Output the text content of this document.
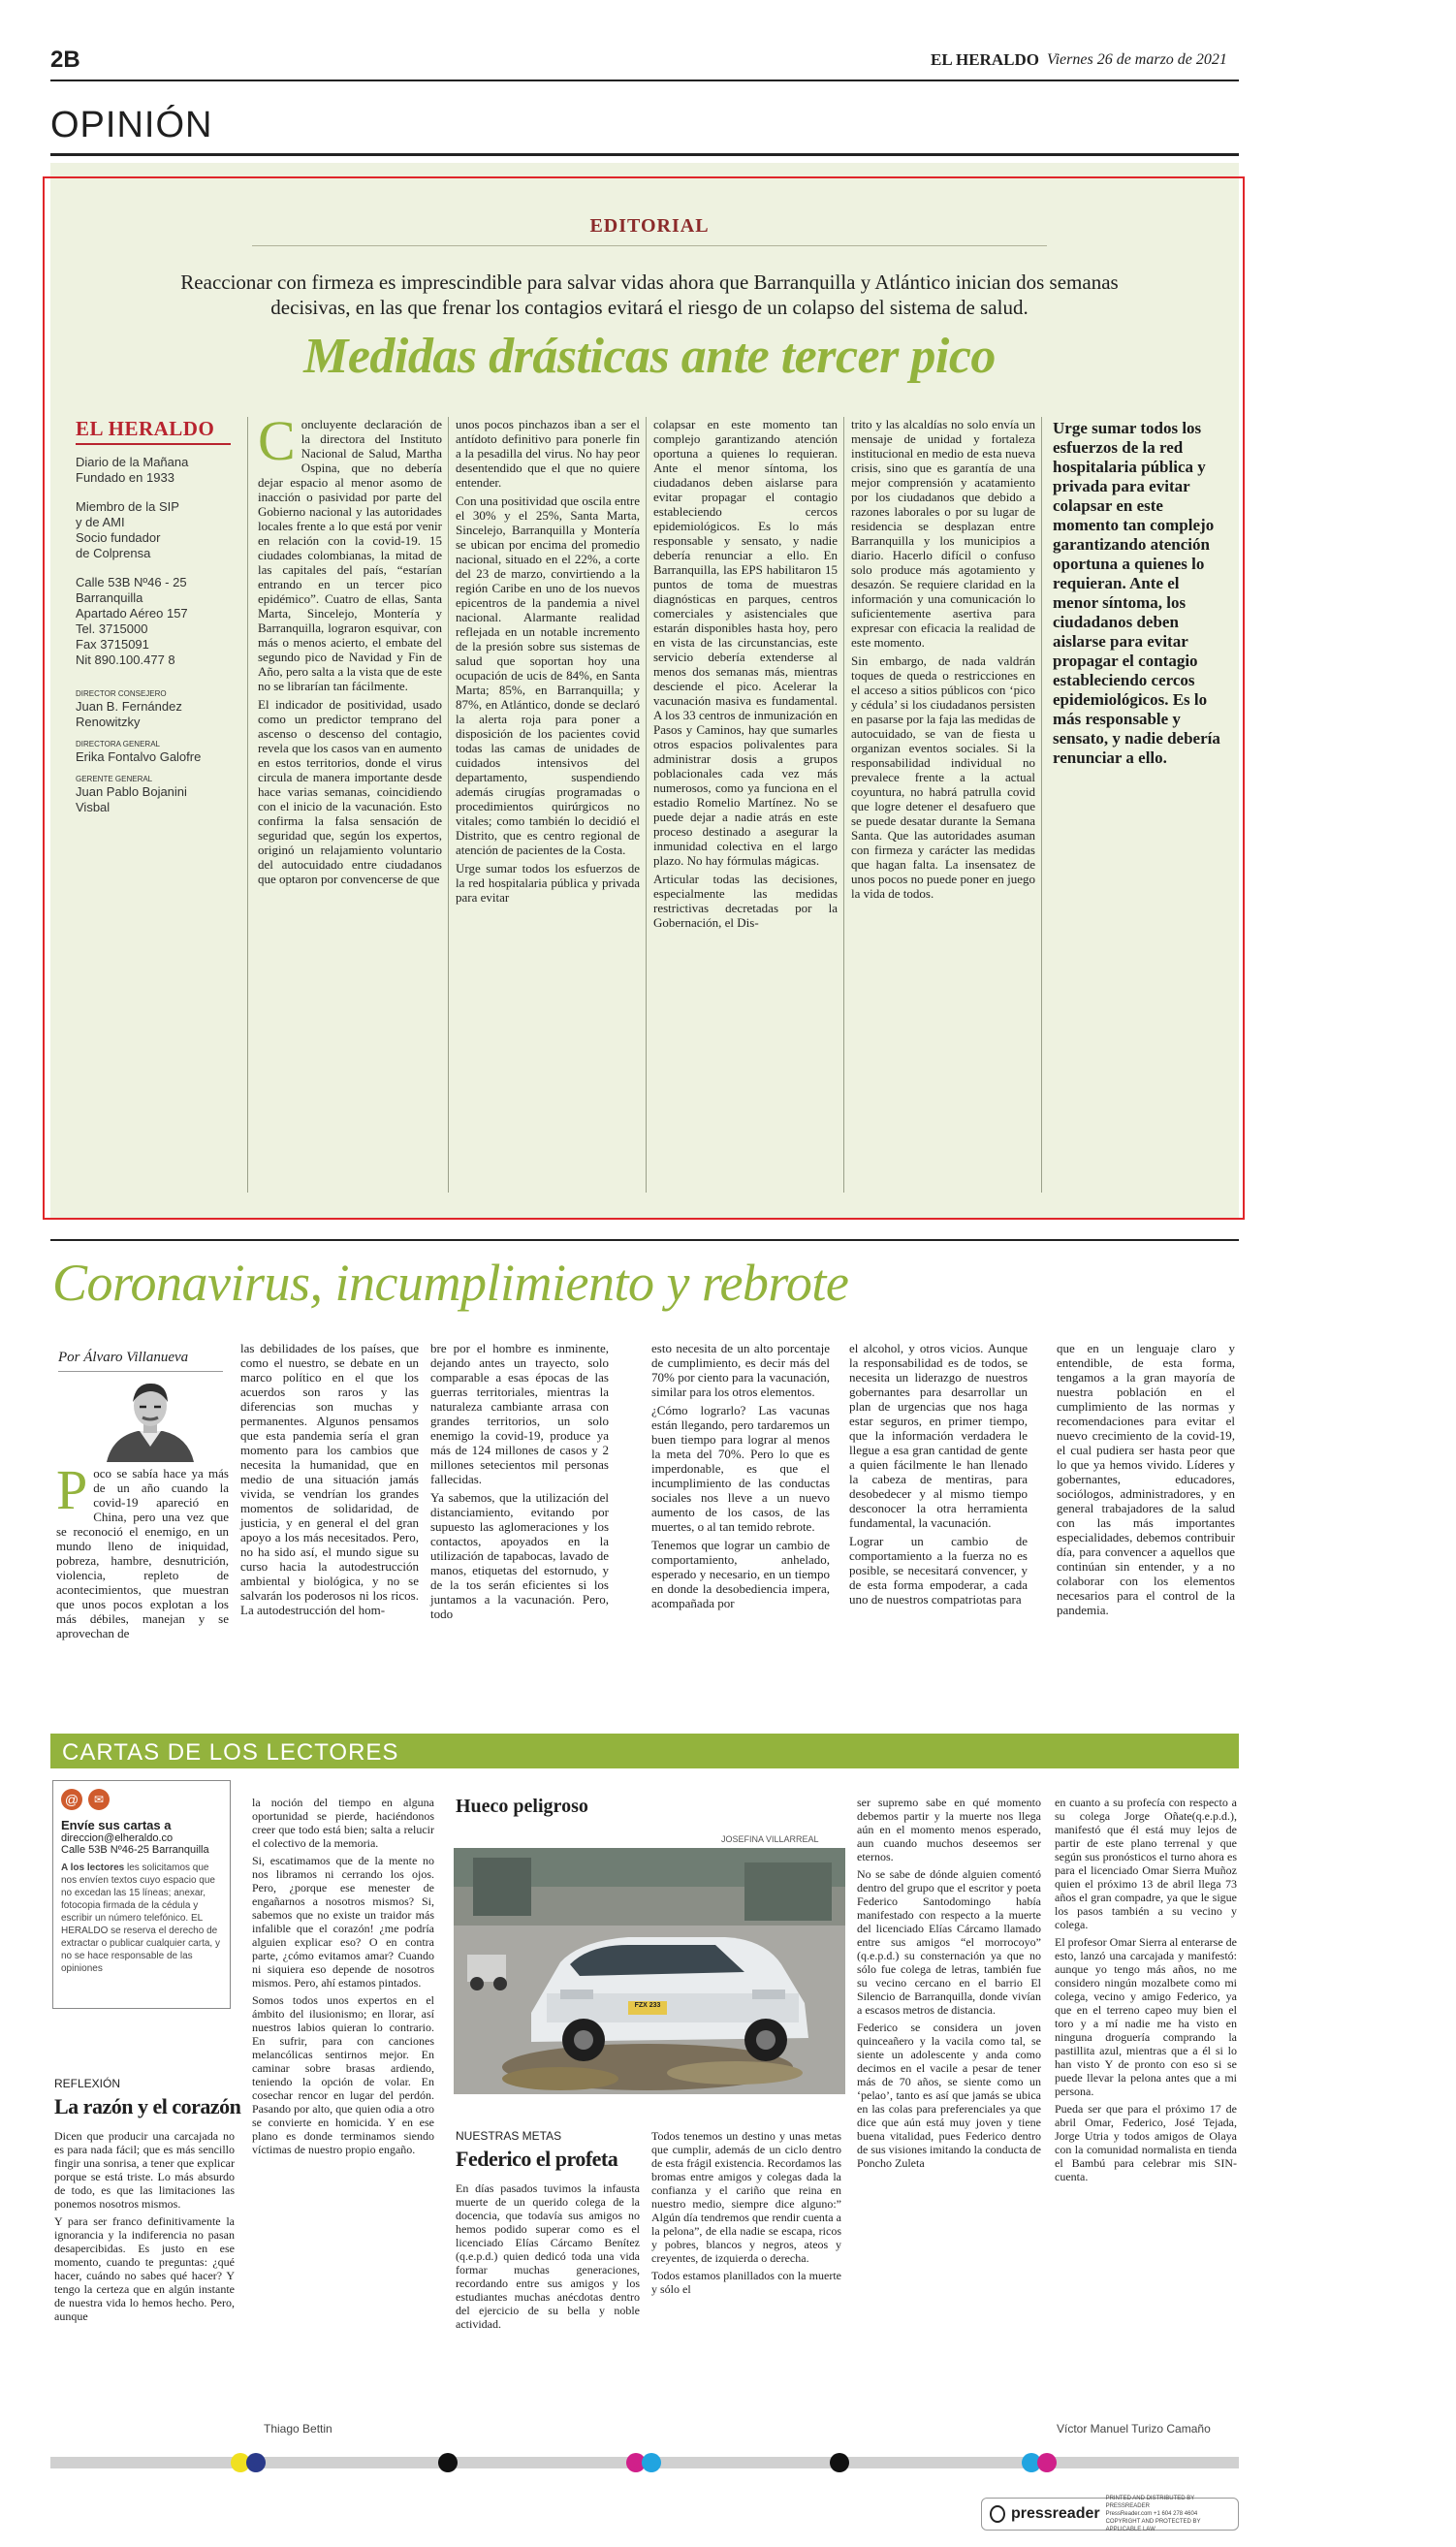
2B	EL HERALDO Viernes 26 de marzo de 2021
OPINIÓN
EDITORIAL
Reaccionar con firmeza es imprescindible para salvar vidas ahora que Barranquilla y Atlántico inician dos semanas decisivas, en las que frenar los contagios evitará el riesgo de un colapso del sistema de salud.
Medidas drásticas ante tercer pico
EL HERALDO
Diario de la Mañana
Fundado en 1933
Miembro de la SIP
y de AMI
Socio fundador
de Colprensa
Calle 53B Nº46 - 25
Barranquilla
Apartado Aéreo 157
Tel. 3715000
Fax 3715091
Nit 890.100.477 8
DIRECTOR CONSEJERO
Juan B. Fernández
Renowitzky
DIRECTORA GENERAL
Erika Fontalvo Galofre
GERENTE GENERAL
Juan Pablo Bojanini
Visbal

Concluyente declaración de la directora del Instituto Nacional de Salud, Martha Ospina, que no debería dejar espacio al menor asomo de inacción o pasividad por parte del Gobierno nacional y las autoridades locales frente a lo que está por venir en relación con la covid-19. 15 ciudades colombianas, la mitad de las capitales del país, “estarían entrando en un tercer pico epidémico”. Cuatro de ellas, Santa Marta, Sincelejo, Montería y Barranquilla, lograron esquivar, con más o menos acierto, el embate del segundo pico de Navidad y Fin de Año, pero salta a la vista que de este no se librarían tan fácilmente.

El indicador de positividad, usado como un predictor temprano del ascenso o descenso del contagio, revela que los casos van en aumento en estos territorios, donde el virus circula de manera importante desde hace varias semanas, coincidiendo con el inicio de la vacunación. Esto confirma la falsa sensación de seguridad que, según los expertos, originó un relajamiento voluntario del autocuidado entre ciudadanos que optaron por convencerse de que

unos pocos pinchazos iban a ser el antídoto definitivo para ponerle fin a la pesadilla del virus. No hay peor desentendido que el que no quiere entender.

Con una positividad que oscila entre el 30% y el 25%, Santa Marta, Sincelejo, Barranquilla y Montería se ubican por encima del promedio nacional, situado en el 22%, a corte del 23 de marzo, convirtiendo a la región Caribe en uno de los nuevos epicentros de la pandemia a nivel nacional. Alarmante realidad reflejada en un notable incremento de la presión sobre sus sistemas de salud que soportan hoy una ocupación de ucis de 84%, en Santa Marta; 85%, en Barranquilla; y 87%, en Atlántico, donde se declaró la alerta roja para poner a disposición de los pacientes covid todas las camas de unidades de cuidados intensivos del departamento, suspendiendo además cirugías programadas o procedimientos quirúrgicos no vitales; como también lo decidió el Distrito, que es centro regional de atención de pacientes de la Costa.

Urge sumar todos los esfuerzos de la red hospitalaria pública y privada para evitar

colapsar en este momento tan complejo garantizando atención oportuna a quienes lo requieran. Ante el menor síntoma, los ciudadanos deben aislarse para evitar propagar el contagio estableciendo cercos epidemiológicos. Es lo más responsable y sensato, y nadie debería renunciar a ello. En Barranquilla, las EPS habilitaron 15 puntos de toma de muestras diagnósticas en parques, centros comerciales y asistenciales que estarán disponibles hasta hoy, pero en vista de las circunstancias, este servicio debería extenderse al menos dos semanas más, mientras desciende el pico. Acelerar la vacunación masiva es fundamental. A los 33 centros de inmunización en Pasos y Caminos, hay que sumarles otros espacios polivalentes para administrar dosis a grupos poblacionales cada vez más numerosos, como ya funciona en el estadio Romelio Martínez. No se puede dejar a nadie atrás en este proceso destinado a asegurar la inmunidad colectiva en el largo plazo. No hay fórmulas mágicas.

Articular todas las decisiones, especialmente las medidas restrictivas decretadas por la Gobernación, el Dis-

trito y las alcaldías no solo envía un mensaje de unidad y fortaleza institucional en medio de esta nueva crisis, sino que es garantía de una mejor comprensión y acatamiento por los ciudadanos que debido a razones laborales o por su lugar de residencia se desplazan entre Barranquilla y los municipios a diario. Hacerlo difícil o confuso solo produce más agotamiento y desazón. Se requiere claridad en la información y una comunicación lo suficientemente asertiva para expresar con eficacia la realidad de este momento.

Sin embargo, de nada valdrán toques de queda o restricciones en el acceso a sitios públicos con ‘pico y cédula’ si los ciudadanos persisten en pasarse por la faja las medidas de autocuidado, se van de fiesta u organizan eventos sociales. Si la responsabilidad individual no prevalece frente a la actual coyuntura, no habrá patrulla covid que logre detener el desafuero que se puede desatar durante la Semana Santa. Que las autoridades asuman con firmeza y carácter las medidas que hagan falta. La insensatez de unos pocos no puede poner en juego la vida de todos.

Urge sumar todos los esfuerzos de la red hospitalaria pública y privada para evitar colapsar en este momento tan complejo garantizando atención oportuna a quienes lo requieran. Ante el menor síntoma, los ciudadanos deben aislarse para evitar propagar el contagio estableciendo cercos epidemiológicos. Es lo más responsable y sensato, y nadie debería renunciar a ello.
Coronavirus, incumplimiento y rebrote
Por Álvaro Villanueva

Poco se sabía hace ya más de un año cuando la covid-19 apareció en China, pero una vez que se reconoció el enemigo, en un mundo lleno de iniquidad, pobreza, hambre, desnutrición, violencia, repleto de acontecimientos, que muestran que unos pocos explotan a los más débiles, manejan y se aprovechan de

las debilidades de los países, que como el nuestro, se debate en un marco político en el que los acuerdos son raros y las diferencias son muchas y permanentes. Algunos pensamos que esta pandemia sería el gran momento para los cambios que necesita la humanidad, que en medio de una situación jamás vivida, se vendrían los grandes momentos de solidaridad, de justicia, y en general el del gran apoyo a los más necesitados. Pero, no ha sido así, el mundo sigue su curso hacia la autodestrucción ambiental y biológica, y no se salvarán los poderosos ni los ricos. La autodestrucción del hom-

bre por el hombre es inminente, dejando antes un trayecto, solo comparable a esas épocas de las guerras territoriales, mientras la naturaleza cambiante arrasa con grandes territorios, un solo enemigo la covid-19, produce ya más de 124 millones de casos y 2 millones setecientos mil personas fallecidas.

Ya sabemos, que la utilización del distanciamiento, evitando por supuesto las aglomeraciones y los contactos, apoyados en la utilización de tapabocas, lavado de manos, etiquetas del estornudo, y de la tos serán eficientes si los juntamos a la vacunación. Pero, todo

esto necesita de un alto porcentaje de cumplimiento, es decir más del 70% por ciento para la vacunación, similar para los otros elementos.

¿Cómo lograrlo? Las vacunas están llegando, pero tardaremos un buen tiempo para lograr al menos la meta del 70%. Pero lo que es imperdonable, es que el incumplimiento de las conductas sociales nos lleve a un nuevo aumento de los casos, de las muertes, o al tan temido rebrote.

Tenemos que lograr un cambio de comportamiento, anhelado, esperado y necesario, en un tiempo en donde la desobediencia impera, acompañada por

el alcohol, y otros vicios. Aunque la responsabilidad es de todos, se necesita un liderazgo de nuestros gobernantes para desarrollar un plan de urgencias que nos haga estar seguros, en primer tiempo, que la información verdadera le llegue a esa gran cantidad de gente a quien fácilmente le han llenado la cabeza de mentiras, para desobedecer y al mismo tiempo desconocer la otra herramienta fundamental, la vacunación.

Lograr un cambio de comportamiento a la fuerza no es posible, se necesitará convencer, y de esta forma empoderar, a cada uno de nuestros compatriotas para

que en un lenguaje claro y entendible, de esta forma, tengamos a la gran mayoría de nuestra población en el cumplimiento de las normas y recomendaciones para evitar el nuevo crecimiento de la covid-19, el cual pudiera ser hasta peor que lo que ya hemos vivido. Líderes y gobernantes, educadores, sociólogos, administradores, y en general trabajadores de la salud con las más importantes especialidades, debemos contribuir día, para convencer a aquellos que continúan sin entender, y a no colaborar con los elementos necesarios para el control de la pandemia.

CARTAS DE LOS LECTORES
@	✉
Envíe sus cartas a
direccion@elheraldo.co
Calle 53B Nº46-25 Barranquilla
A los lectores les solicitamos que nos envíen textos cuyo espacio que no excedan las 15 líneas; anexar, fotocopia firmada de la cédula y escribir un número telefónico. EL HERALDO se reserva el derecho de extractar o publicar cualquier carta, y no se hace responsable de las opiniones
REFLEXIÓN
La razón y el corazón

Dicen que producir una carcajada no es para nada fácil; que es más sencillo fingir una sonrisa, a tener que explicar porque se está triste. Lo más absurdo de todo, es que las limitaciones las ponemos nosotros mismos.

Y para ser franco definitivamente la ignorancia y la indiferencia no pasan desapercibidas. Es justo en ese momento, cuando te preguntas: ¿qué hacer, cuándo no sabes qué hacer? Y tengo la certeza que en algún instante de nuestra vida lo hemos hecho. Pero, aunque

la noción del tiempo en alguna oportunidad se pierde, haciéndonos creer que todo está bien; salta a relucir el colectivo de la memoria.

Si, escatimamos que de la mente no nos libramos ni cerrando los ojos. Pero, ¿porque ese menester de engañarnos a nosotros mismos? Si, sabemos que no existe un traidor más infalible que el corazón! ¿me podría alguien explicar eso? O en contra parte, ¿cómo evitamos amar? Cuando ni siquiera eso depende de nosotros mismos. Pero, ahí estamos pintados.

Somos todos unos expertos en el ámbito del ilusionismo; en llorar, así nuestros labios quieran lo contrario. En sufrir, para con canciones melancólicas sentirnos mejor. En caminar sobre brasas ardiendo, teniendo la opción de volar. En cosechar rencor en lugar del perdón. Pasando por alto, que quien odia a otro se convierte en homicida. Y en ese plano es donde terminamos siendo víctimas de nuestro propio engaño.

Thiago Bettin
Hueco peligroso
JOSEFINA VILLARREAL
FZX 233
NUESTRAS METAS
Federico el profeta

En días pasados tuvimos la infausta muerte de un querido colega de la docencia, que todavía sus amigos no hemos podido superar como es el licenciado Elías Cárcamo Benítez (q.e.p.d.) quien dedicó toda una vida formar muchas generaciones, recordando entre sus amigos y los estudiantes muchas anécdotas dentro del ejercicio de su bella y noble actividad.

Todos tenemos un destino y unas metas que cumplir, además de un ciclo dentro de esta frágil existencia. Recordamos las bromas entre amigos y colegas dada la confianza y el cariño que reina en nuestro medio, siempre dice alguno:” Algún día tendremos que rendir cuenta a la pelona”, de ella nadie se escapa, ricos y pobres, blancos y negros, ateos y creyentes, de izquierda o derecha.

Todos estamos planillados con la muerte y sólo el

ser supremo sabe en qué momento debemos partir y la muerte nos llega aún en el momento menos esperado, aun cuando muchos deseemos ser eternos.

No se sabe de dónde alguien comentó dentro del grupo que el escritor y poeta Federico Santodomingo había manifestado con respecto a la muerte del licenciado Elías Cárcamo llamado entre sus amigos “el morrocoyo” (q.e.p.d.) su consternación ya que no sólo fue colega de letras, también fue su vecino cercano en el barrio El Silencio de Barranquilla, donde vivían a escasos metros de distancia.

Federico se considera un joven quinceañero y la vacila como tal, se siente un adolescente y anda como decimos en el vacile a pesar de tener más de 70 años, se siente como un ‘pelao’, tanto es así que jamás se ubica en las colas para preferenciales ya que dice que aún está muy joven y tiene buena vitalidad, pues Federico dentro de sus visiones imitando la conducta de Poncho Zuleta

en cuanto a su profecía con respecto a su colega Jorge Oñate(q.e.p.d.), manifestó que él está muy lejos de partir de este plano terrenal y que según sus pronósticos el turno ahora es para el licenciado Omar Sierra Muñoz quien el próximo 13 de abril llega 73 años el gran compadre, ya que le sigue los pasos también a su vecino y colega.

El profesor Omar Sierra al enterarse de esto, lanzó una carcajada y manifestó: aunque yo tengo más años, no me considero ningún mozalbete como mi colega, vecino y amigo Federico, ya que en el terreno capeo muy bien el toro y a mí nadie me ha visto en ninguna droguería comprando la pastillita azul, mientras que a él si lo han visto Y de pronto con eso si se puede llevar la pelona antes que a mi persona.

Pueda ser que para el próximo 17 de abril Omar, Federico, José Tejada, Jorge Utria y todos amigos de Olaya con la comunidad normalista en tienda el Bambú para celebrar mis SIN-cuenta.

Víctor Manuel Turizo Camaño
pressreader
PRINTED AND DISTRIBUTED BY PRESSREADER
PressReader.com +1 604 278 4604
COPYRIGHT AND PROTECTED BY APPLICABLE LAW
